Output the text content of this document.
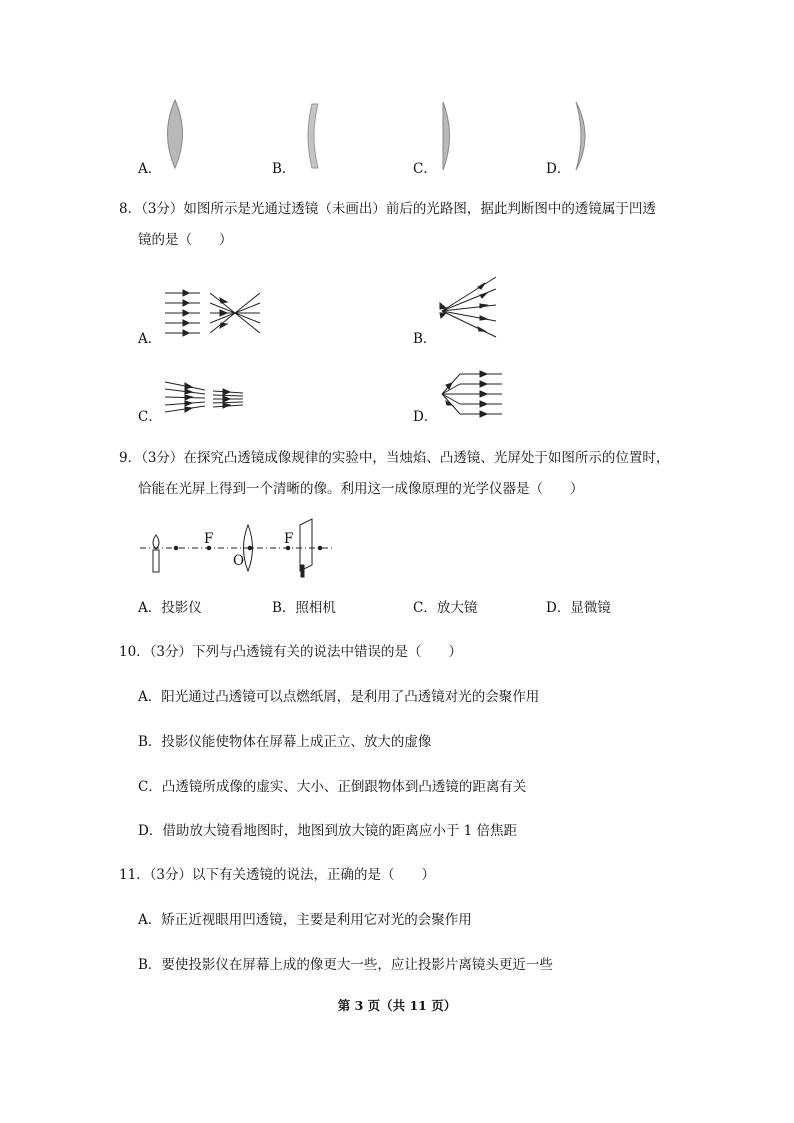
A．	B．	C．	D．
8．（3分）如图所示是光通过透镜（未画出）前后的光路图，据此判断图中的透镜属于凹透
镜的是（　　）
A．	B．
C．	D．
9．（3分）在探究凸透镜成像规律的实验中，当烛焰、凸透镜、光屏处于如图所示的位置时，
恰能在光屏上得到一个清晰的像。利用这一成像原理的光学仪器是（　　）
F	F
O
A．投影仪	B．照相机	C．放大镜	D．显微镜
10．（3分）下列与凸透镜有关的说法中错误的是（　　）
A．阳光通过凸透镜可以点燃纸屑，是利用了凸透镜对光的会聚作用
B．投影仪能使物体在屏幕上成正立、放大的虚像
C．凸透镜所成像的虚实、大小、正倒跟物体到凸透镜的距离有关
D．借助放大镜看地图时，地图到放大镜的距离应小于 1 倍焦距
11．（3分）以下有关透镜的说法，正确的是（　　）
A．矫正近视眼用凹透镜，主要是利用它对光的会聚作用
B．要使投影仪在屏幕上成的像更大一些，应让投影片离镜头更近一些
第 3 页（共 11 页）
